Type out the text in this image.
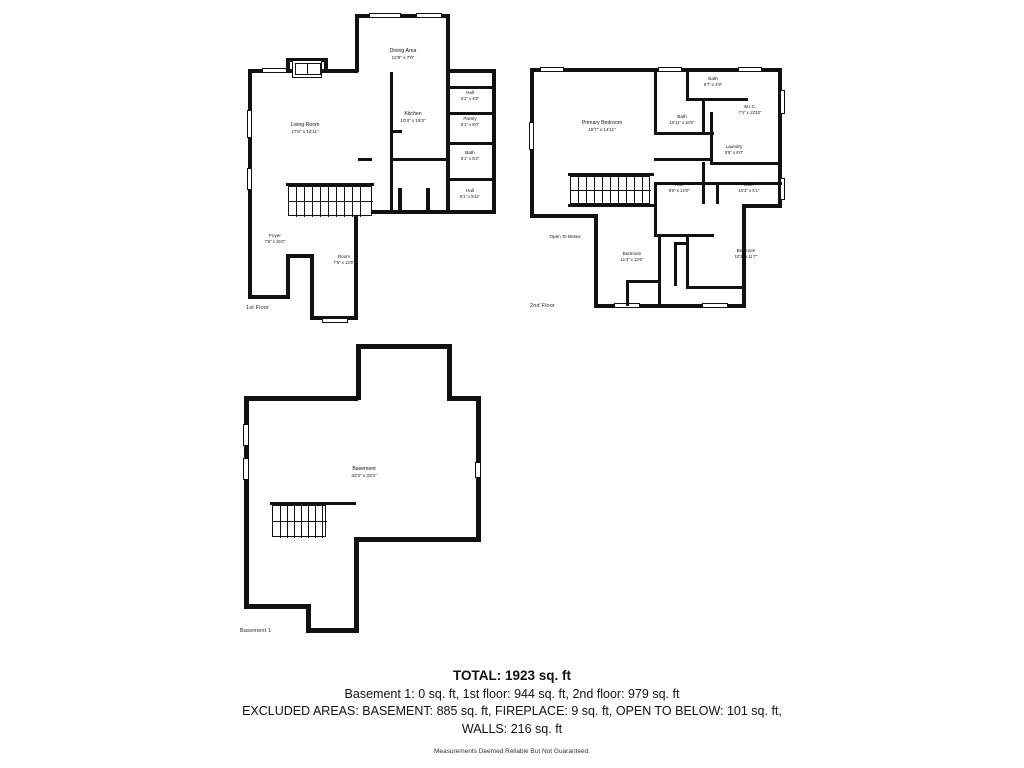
Dining Area
12'8" x 7'0"
Kitchen
10'4" x 19'3"
Living Room
17'8" x 14'11"
Hall
6'1" x 4'3"
Pantry
6'1" x 6'0"
Bath
6'1" x 5'2"
Hall
6'1" x 5'11"
Foyer
7'6" x 15'0"
Room
7'5" x 13'6"
1st Floor
Bath
5'7" x 4'9"
Primary Bedroom
15'7" x 14'11"
Bath
10'11" x 10'0"
W.I.C.
7'4" x 13'10"
Laundry
5'5" x 6'0"
Hall
8'0" x 12'8"
Bath
10'3" x 5'1"
Open To Below
Bedroom
11'4" x 13'6"
Bedroom
10'3" x 11'7"
2nd Floor
Basement
32'3" x 33'3"
Basement 1
TOTAL: 1923 sq. ft
Basement 1: 0 sq. ft, 1st floor: 944 sq. ft, 2nd floor: 979 sq. ft
EXCLUDED AREAS: BASEMENT: 885 sq. ft, FIREPLACE: 9 sq. ft, OPEN TO BELOW: 101 sq. ft,
WALLS: 216 sq. ft
Measurements Deemed Reliable But Not Guaranteed.
